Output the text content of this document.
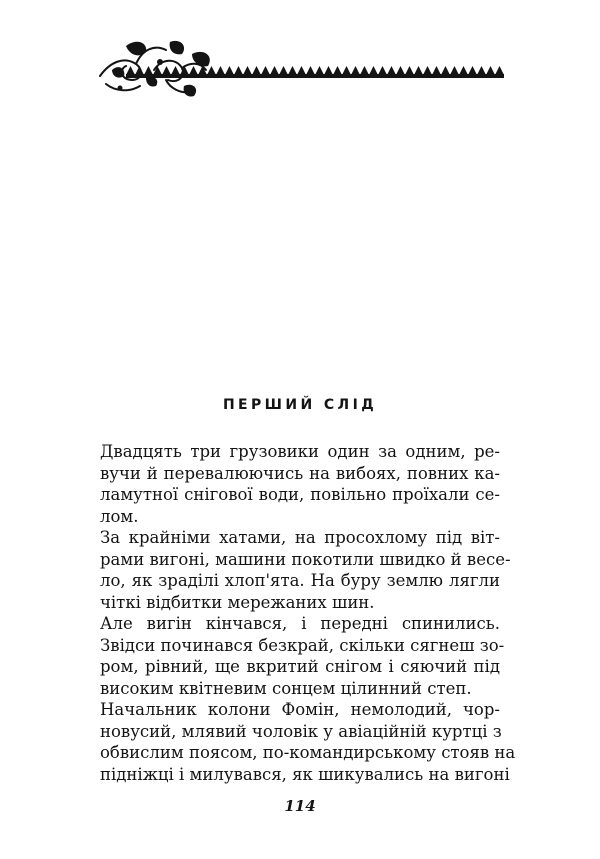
ПЕРШИЙ СЛІД

Двадцять три грузовики один за одним, ре-
вучи й перевалюючись на вибоях, повних ка-
ламутної снігової води, повільно проїхали се-
лом.

За крайніми хатами, на просохлому під віт-
рами вигоні, машини покотили швидко й весе-
ло, як зраділі хлоп'ята. На буру землю лягли
чіткі відбитки мережаних шин.

Але вигін кінчався, і передні спинились.
Звідси починався безкрай, скільки сягнеш зо-
ром, рівний, ще вкритий снігом і сяючий під
високим квітневим сонцем цілинний степ.

Начальник колони Фомін, немолодий, чор-
новусий, млявий чоловік у авіаційній куртці з
обвислим поясом, по-командирському стояв на
підніжці і милувався, як шикувались на вигоні

114
